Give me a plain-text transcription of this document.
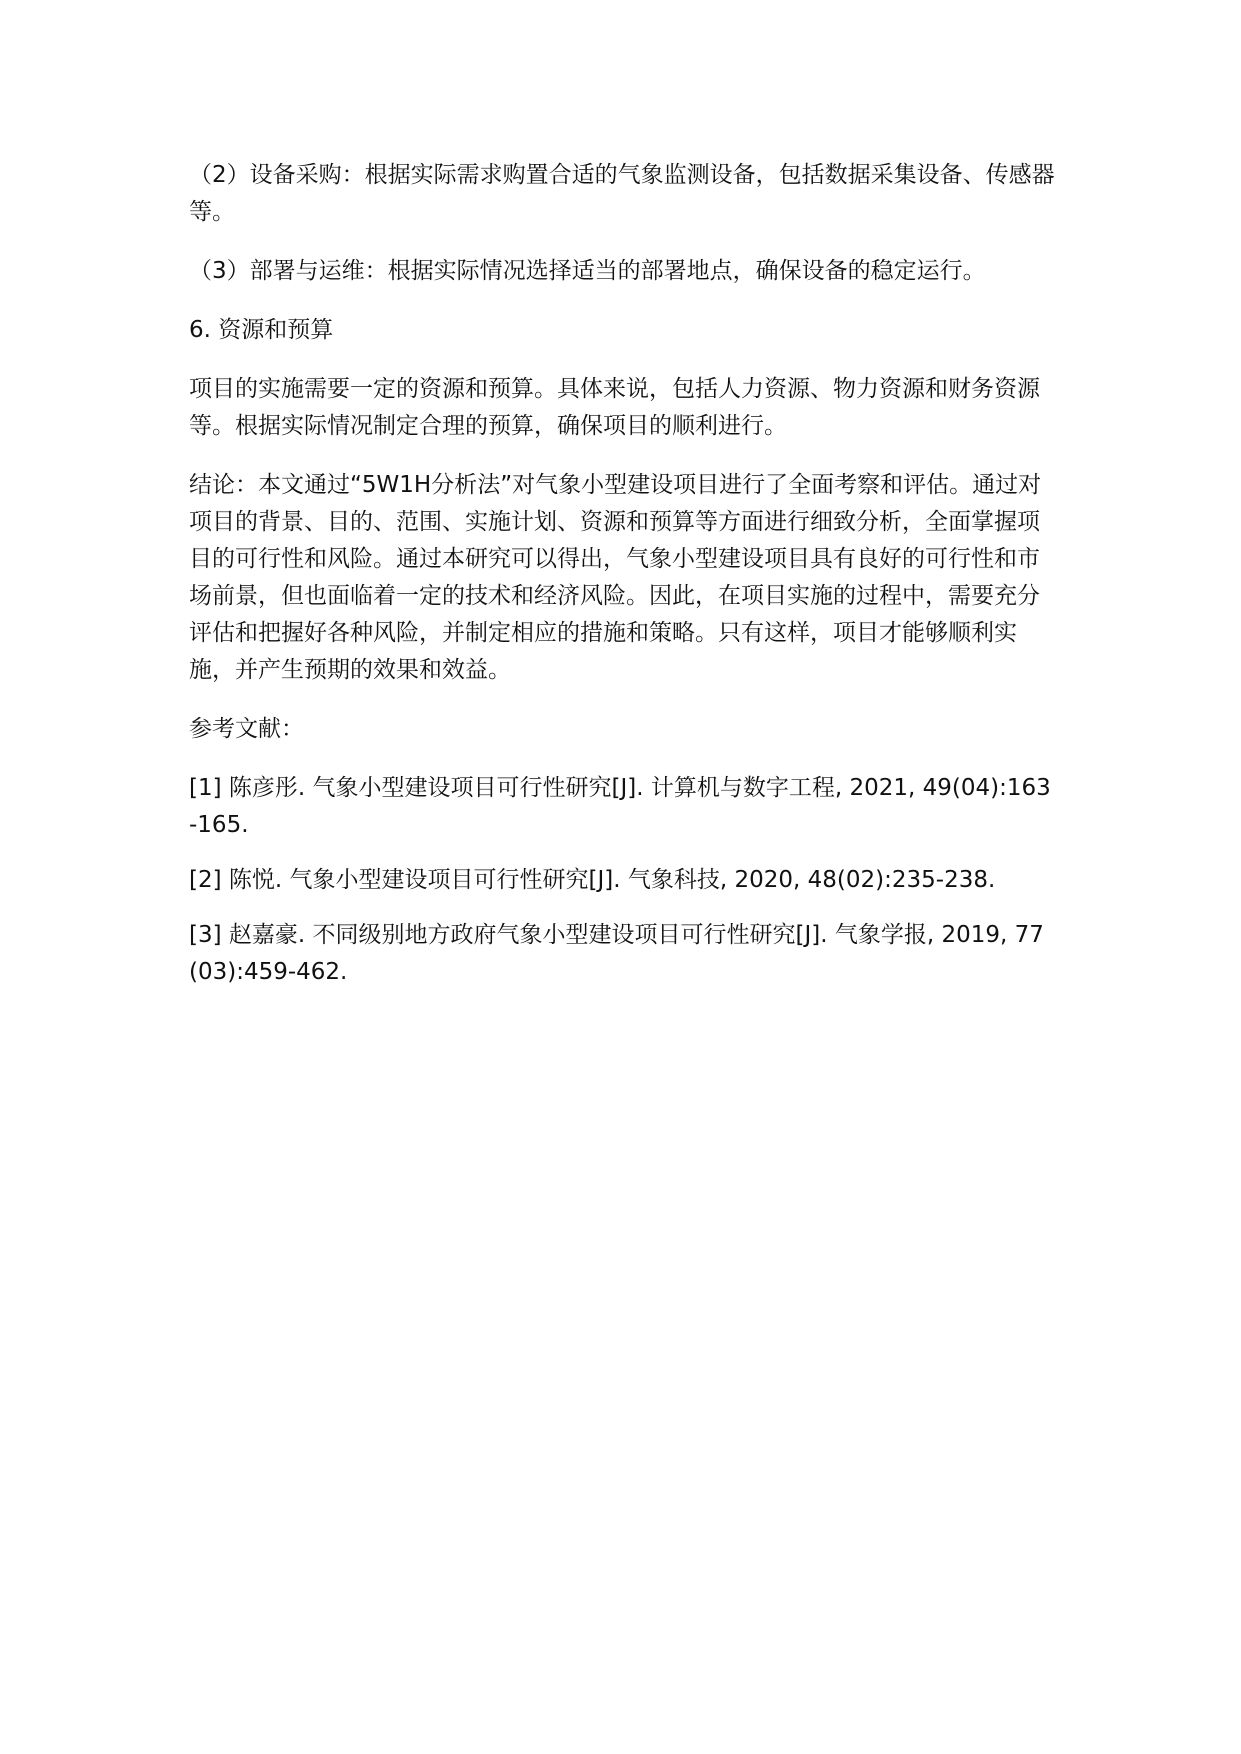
（2）设备采购：根据实际需求购置合适的气象监测设备，包括数据采集设备、传感器等。

（3）部署与运维：根据实际情况选择适当的部署地点，确保设备的稳定运行。

6. 资源和预算

项目的实施需要一定的资源和预算。具体来说，包括人力资源、物力资源和财务资源等。根据实际情况制定合理的预算，确保项目的顺利进行。

结论：本文通过“5W1H分析法”对气象小型建设项目进行了全面考察和评估。通过对项目的背景、目的、范围、实施计划、资源和预算等方面进行细致分析，全面掌握项目的可行性和风险。通过本研究可以得出，气象小型建设项目具有良好的可行性和市场前景，但也面临着一定的技术和经济风险。因此，在项目实施的过程中，需要充分评估和把握好各种风险，并制定相应的措施和策略。只有这样，项目才能够顺利实施，并产生预期的效果和效益。

参考文献：

[1] 陈彦彤. 气象小型建设项目可行性研究[J]. 计算机与数字工程, 2021, 49(04):163-165.

[2] 陈悦. 气象小型建设项目可行性研究[J]. 气象科技, 2020, 48(02):235-238.

[3] 赵嘉豪. 不同级别地方政府气象小型建设项目可行性研究[J]. 气象学报, 2019, 77(03):459-462.
